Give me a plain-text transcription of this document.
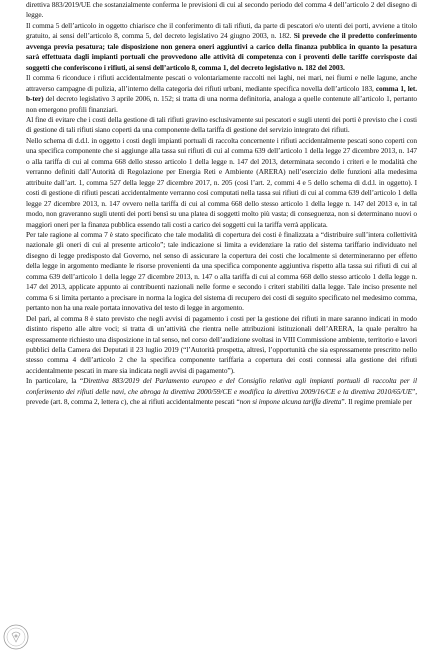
direttiva 883/2019/UE che sostanzialmente conferma le previsioni di cui al secondo periodo del comma 4 dell’articolo 2 del disegno di legge.

Il comma 5 dell’articolo in oggetto chiarisce che il conferimento di tali rifiuti, da parte di pescatori e/o utenti dei porti, avviene a titolo gratuito, ai sensi dell’articolo 8, comma 5, del decreto legislativo 24 giugno 2003, n. 182. Si prevede che il predetto conferimento avvenga previa pesatura; tale disposizione non genera oneri aggiuntivi a carico della finanza pubblica in quanto la pesatura sarà effettuata dagli impianti portuali che provvedono alle attività di competenza con i proventi delle tariffe corrisposte dai soggetti che conferiscono i rifiuti, ai sensi dell’articolo 8, comma 1, del decreto legislativo n. 182 del 2003.

Il comma 6 riconduce i rifiuti accidentalmente pescati o volontariamente raccolti nei laghi, nei mari, nei fiumi e nelle lagune, anche attraverso campagne di pulizia, all’interno della categoria dei rifiuti urbani, mediante specifica novella dell’articolo 183, comma 1, let. b-ter) del decreto legislativo 3 aprile 2006, n. 152; si tratta di una norma definitoria, analoga a quelle contenute all’articolo 1, pertanto non emergono profili finanziari.

Al fine di evitare che i costi della gestione di tali rifiuti gravino esclusivamente sui pescatori e sugli utenti dei porti è previsto che i costi di gestione di tali rifiuti siano coperti da una componente della tariffa di gestione del servizio integrato dei rifiuti.

Nello schema di d.d.l. in oggetto i costi degli impianti portuali di raccolta concernente i rifiuti accidentalmente pescati sono coperti con una specifica componente che si aggiunge alla tassa sui rifiuti di cui al comma 639 dell’articolo 1 della legge 27 dicembre 2013, n. 147 o alla tariffa di cui al comma 668 dello stesso articolo 1 della legge n. 147 del 2013, determinata secondo i criteri e le modalità che verranno definiti dall’Autorità di Regolazione per Energia Reti e Ambiente (ARERA) nell’esercizio delle funzioni alla medesima attribuite dall’art. 1, comma 527 della legge 27 dicembre 2017, n. 205 (così l’art. 2, commi 4 e 5 dello schema di d.d.l. in oggetto). I costi di gestione di rifiuti pescati accidentalmente verranno così computati nella tassa sui rifiuti di cui al comma 639 dell’articolo 1 della legge 27 dicembre 2013, n. 147 ovvero nella tariffa di cui al comma 668 dello stesso articolo 1 della legge n. 147 del 2013 e, in tal modo, non graveranno sugli utenti dei porti bensì su una platea di soggetti molto più vasta; di conseguenza, non si determinano nuovi o maggiori oneri per la finanza pubblica essendo tali costi a carico dei soggetti cui la tariffa verrà applicata.

Per tale ragione al comma 7 è stato specificato che tale modalità di copertura dei costi è finalizzata a “distribuire sull’intera collettività nazionale gli oneri di cui al presente articolo”; tale indicazione si limita a evidenziare la ratio del sistema tariffario individuato nel disegno di legge predisposto dal Governo, nel senso di assicurare la copertura dei costi che localmente si determineranno per effetto della legge in argomento mediante le risorse provenienti da una specifica componente aggiuntiva rispetto alla tassa sui rifiuti di cui al comma 639 dell’articolo 1 della legge 27 dicembre 2013, n. 147 o alla tariffa di cui al comma 668 dello stesso articolo 1 della legge n. 147 del 2013, applicate appunto ai contribuenti nazionali nelle forme e secondo i criteri stabiliti dalla legge. Tale inciso presente nel comma 6 si limita pertanto a precisare in norma la logica del sistema di recupero dei costi di seguito specificato nel medesimo comma, pertanto non ha una reale portata innovativa del testo di legge in argomento.

Del pari, al comma 8 è stato previsto che negli avvisi di pagamento i costi per la gestione dei rifiuti in mare saranno indicati in modo distinto rispetto alle altre voci; si tratta di un’attività che rientra nelle attribuzioni istituzionali dell’ARERA, la quale peraltro ha espressamente richiesto una disposizione in tal senso, nel corso dell’audizione svoltasi in VIII Commissione ambiente, territorio e lavori pubblici della Camera dei Deputati il 23 luglio 2019 (“l’Autorità prospetta, altresì, l’opportunità che sia espressamente prescritto nello stesso comma 4 dell’articolo 2 che la specifica componente tariffaria a copertura dei costi connessi alla gestione dei rifiuti accidentalmente pescati in mare sia indicata negli avvisi di pagamento”).

In particolare, la “Direttiva 883/2019 del Parlamento europeo e del Consiglio relativa agli impianti portuali di raccolta per il conferimento dei rifiuti delle navi, che abroga la direttiva 2000/59/CE e modifica la direttiva 2009/16/CE e la direttiva 2010/65/UE”, prevede (art. 8, comma 2, lettera c), che ai rifiuti accidentalmente pescati “non si impone alcuna tariffa diretta”. Il regime premiale per
